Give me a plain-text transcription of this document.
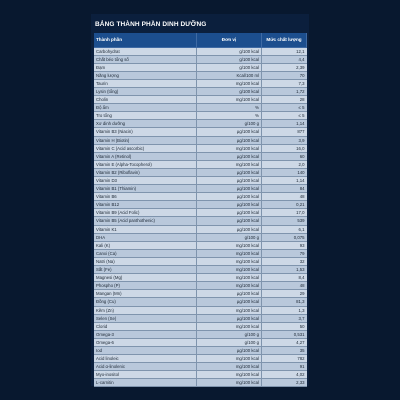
BẢNG THÀNH PHẦN DINH DƯỠNG
Thành phần	Đơn vị	Mức chất lượng
Carbohydrat	g/100 kcal	12,1
Chất béo tổng số	g/100 kcal	4,4
Đạm	g/100 kcal	2,39
Năng lượng	Kcal/100 ml	70
Taurin	mg/100 kcal	7,3
Lysin (tổng)	g/100 kcal	1,72
Cholin	mg/100 kcal	28
Độ ẩm	%	≤ 5
Tro tổng	%	≤ 5
Xơ dinh dưỡng	g/100 g	1,14
Vitamin B3 (Niacin)	µg/100 kcal	877
Vitamin H (Biotin)	µg/100 kcal	3,9
Vitamin C (Acid ascorbic)	mg/100 kcal	16,0
Vitamin A (Retinol)	µg/100 kcal	60
Vitamin E (Alpha-Tocopherol)	mg/100 kcal	2,0
Vitamin B2 (Riboflavin)	µg/100 kcal	140
Vitamin D3	µg/100 kcal	1,14
Vitamin B1 (Thiamin)	µg/100 kcal	84
Vitamin B6	µg/100 kcal	48
Vitamin B12	µg/100 kcal	0,21
Vitamin B9 (Acid Folic)	µg/100 kcal	17,0
Vitamin B5 (Acid panthothenic)	µg/100 kcal	539
Vitamin K1	µg/100 kcal	6,1
DHA	g/100 g	0,075
Kali (K)	mg/100 kcal	93
Canxi (Ca)	mg/100 kcal	79
Natri (Na)	mg/100 kcal	32
Sắt (Fe)	mg/100 kcal	1,53
Magnesi (Mg)	mg/100 kcal	8,4
Phospho (P)	mg/100 kcal	48
Mangan (Mn)	µg/100 kcal	29
Đồng (Cu)	µg/100 kcal	81,3
Kẽm (Zn)	mg/100 kcal	1,3
Selen (Se)	µg/100 kcal	3,7
Clorid	mg/100 kcal	50
Omega-3	g/100 g	0,531
Omega-6	g/100 g	4,27
Iod	µg/100 kcal	35
Acid linoleic	mg/100 kcal	782
Acid α-linolenic	mg/100 kcal	91
Myo-inositol	mg/100 kcal	4,02
L-carnitin	mg/100 kcal	2,33
